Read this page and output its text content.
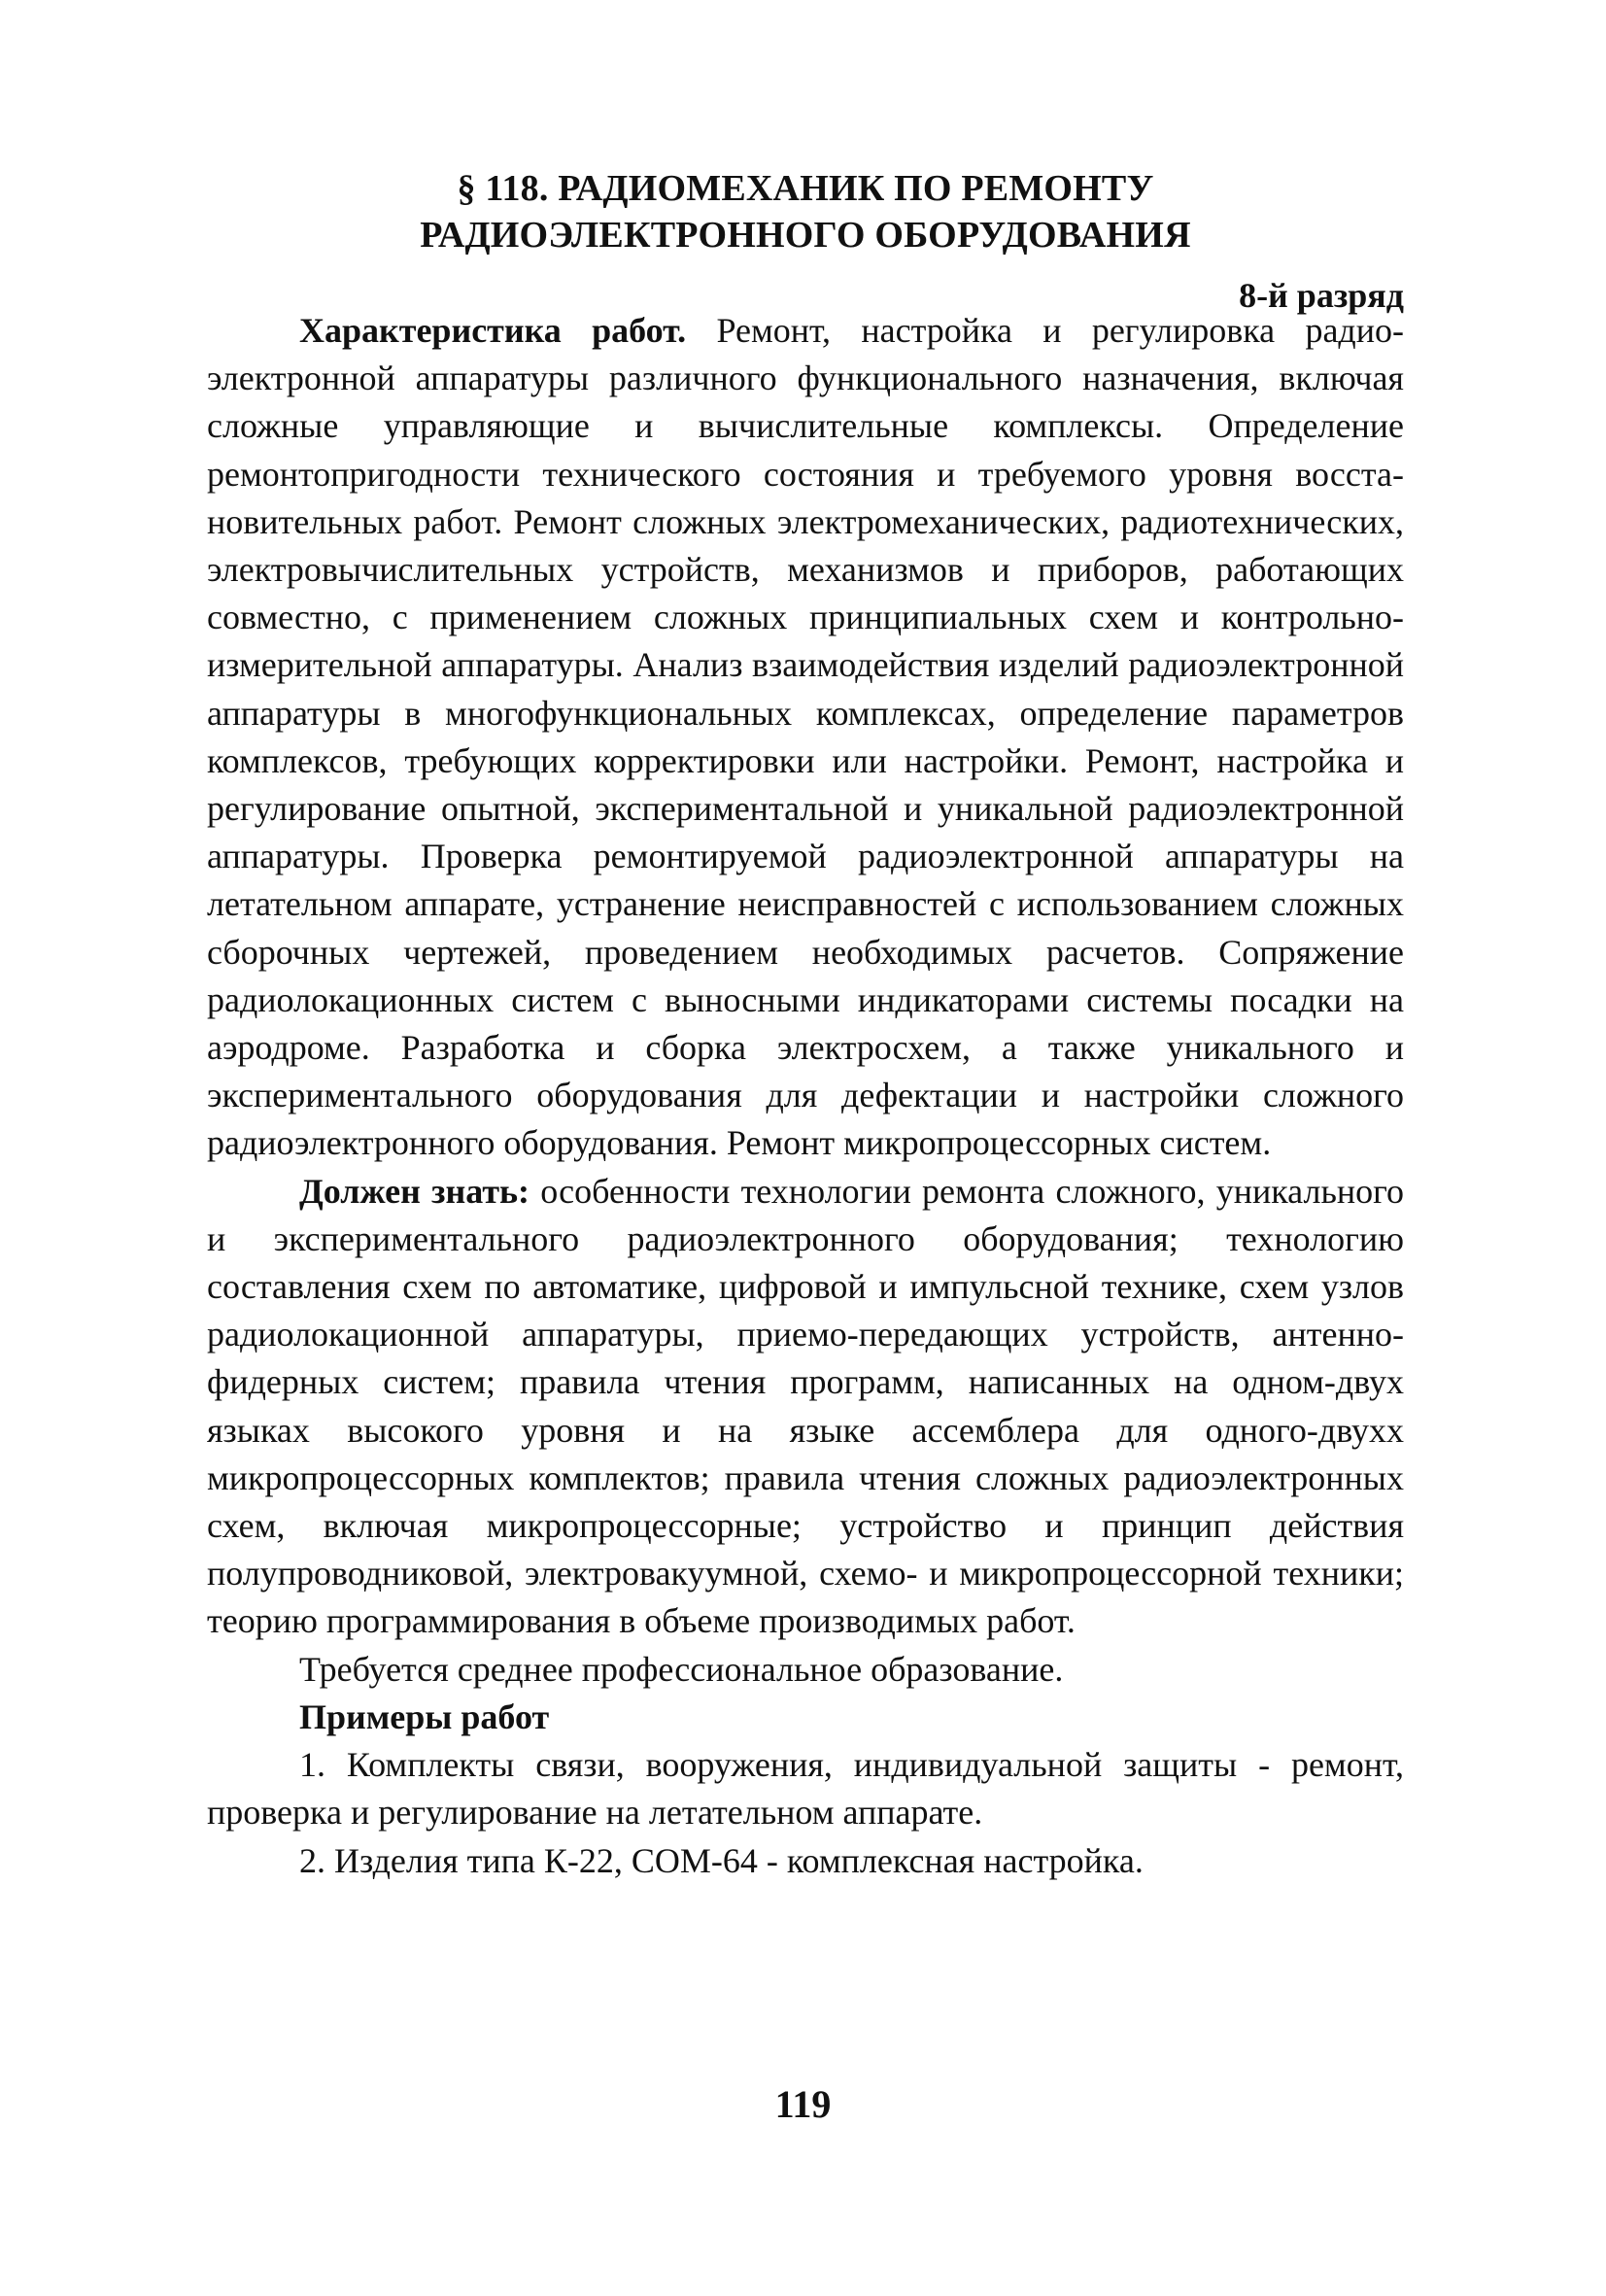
§ 118. РАДИОМЕХАНИК ПО РЕМОНТУ
РАДИОЭЛЕКТРОННОГО ОБОРУДОВАНИЯ
8-й разряд

Характеристика работ. Ремонт, настройка и регулировка радиоэлектронной аппаратуры различного функционального назначения, включая сложные управляющие и вычислительные комплексы. Определение ремонтопригодности технического состояния и требуемого уровня восстановительных работ. Ремонт сложных электромеханических, радиотехнических, электровычислительных устройств, механизмов и приборов, работающих совместно, с применением сложных принципиальных схем и контрольно-измерительной аппаратуры. Анализ взаимодействия изделий радиоэлектронной аппаратуры в многофункциональных комплексах, определение параметров комплексов, требующих корректировки или настройки. Ремонт, настройка и регулирование опытной, экспериментальной и уникальной радиоэлектронной аппаратуры. Проверка ремонтируемой радиоэлектронной аппаратуры на летательном аппарате, устранение неисправностей с использованием сложных сборочных чертежей, проведением необходимых расчетов. Сопряжение радиолокационных систем с выносными индикаторами системы посадки на аэродроме. Разработка и сборка электросхем, а также уникального и экспериментального оборудования для дефектации и настройки сложного радиоэлектронного оборудования. Ремонт микропроцессорных систем.

Должен знать: особенности технологии ремонта сложного, уникального и экспериментального радиоэлектронного оборудования; технологию составления схем по автоматике, цифровой и импульсной технике, схем узлов радиолокационной аппаратуры, приемо-передающих устройств, антенно-фидерных систем; правила чтения программ, написанных на одном-двух языках высокого уровня и на языке ассемблера для одного-двухх микропроцессорных комплектов; правила чтения сложных радиоэлектронных схем, включая микропроцессорные; устройство и принцип действия полупроводниковой, электровакуумной, схемо- и микропроцессорной техники; теорию программирования в объеме производимых работ.

Требуется среднее профессиональное образование.

Примеры работ

1. Комплекты связи, вооружения, индивидуальной защиты - ремонт, проверка и регулирование на летательном аппарате.

2. Изделия типа К-22, СОМ-64 - комплексная настройка.

119
